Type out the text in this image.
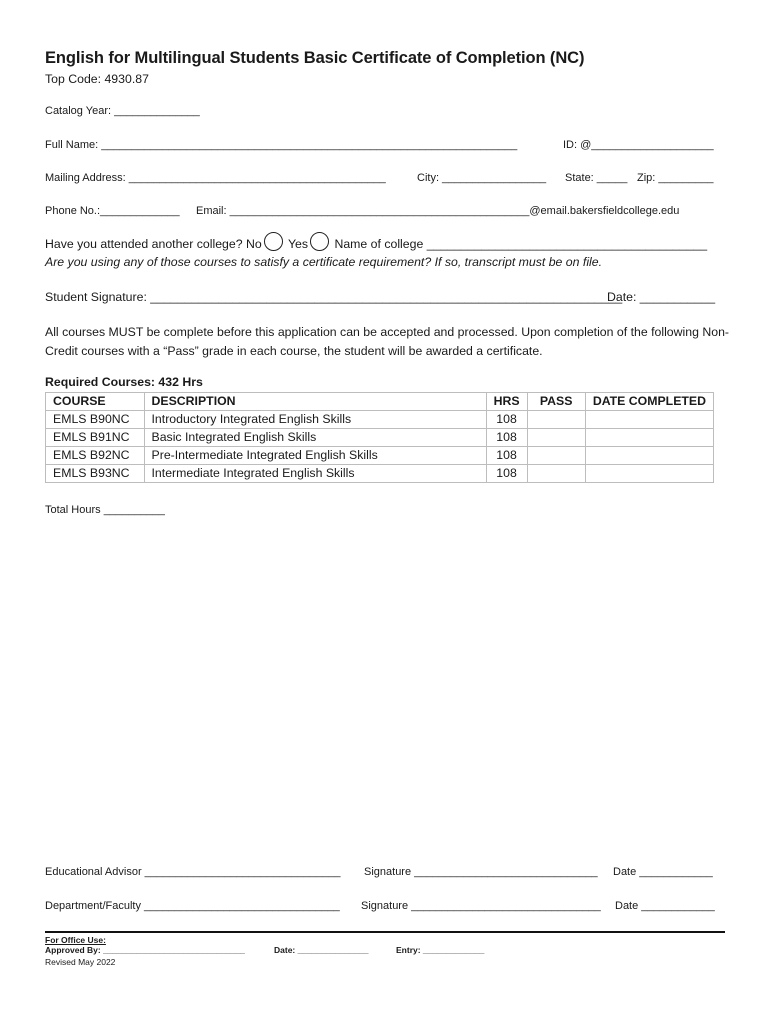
English for Multilingual Students Basic Certificate of Completion (NC)
Top Code: 4930.87
Catalog Year: ______________
Full Name: ____________________________________________________________________	ID: @____________________
Mailing Address: __________________________________________	City: _________________ State: _____ Zip: _________
Phone No.:_____________ Email: _________________________________________________@email.bakersfieldcollege.edu
Have you attended another college? No Yes Name of college _________________________________________
Are you using any of those courses to satisfy a certificate requirement? If so, transcript must be on file.
Student Signature: _____________________________________________________________________
Date: ___________
All courses MUST be complete before this application can be accepted and processed. Upon completion of the following Non-Credit courses with a “Pass” grade in each course, the student will be awarded a certificate.
Required Courses: 432 Hrs
COURSE	DESCRIPTION	HRS	PASS	DATE COMPLETED
EMLS B90NC	Introductory Integrated English Skills	108		
EMLS B91NC	Basic Integrated English Skills	108		
EMLS B92NC	Pre-Intermediate Integrated English Skills	108		
EMLS B93NC	Intermediate Integrated English Skills	108		
Total Hours __________
Educational Advisor ________________________________ Signature ______________________________ Date ____________
Department/Faculty ________________________________ Signature _______________________________ Date ____________
For Office Use:
Approved By: ______________________________	Date: _______________	Entry: _____________
Revised May 2022
